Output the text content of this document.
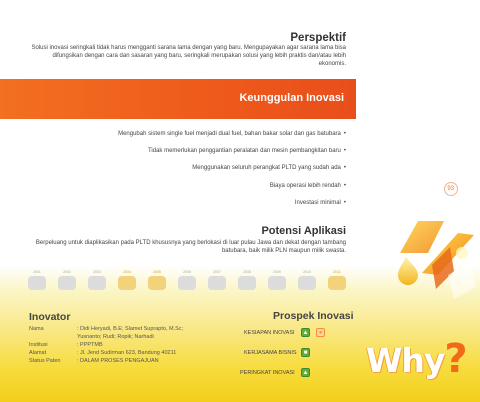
Perspektif
Solusi inovasi seringkali tidak harus mengganti sarana lama dengan yang baru. Mengupayakan agar sarana lama bisa difungsikan dengan cara dan sasaran yang baru, seringkali merupakan solusi yang lebih praktis dan/atau lebih ekonomis.
Keunggulan Inovasi
Mengubah sistem single fuel menjadi dual fuel, bahan bakar solar dan gas batubara •
Tidak memerlukan penggantian peralatan dan mesin pembangkitan baru •
Menggunakan seluruh perangkat PLTD yang sudah ada •
Biaya operasi lebih rendah •
Investasi minimal •
93
Potensi Aplikasi
Berpeluang untuk diaplikasikan pada PLTD khususnya yang berlokasi di luar pulau Jawa dan dekat dengan tambang batubara, baik milik PLN maupun milik swasta.
2001	2002	2003	2004	2005	2006	2007	2008	2009	2010	2011
Inovator
Nama	: Didi Heryadi, B.E; Slamet Suprapto, M.Sc;
Yusnanto; Rudi; Ropik; Narhadi
Institusi	: PPPTMB
Alamat	: Jl. Jend Sudirman 623, Bandung 40211
Status Paten	: DALAM PROSES PENGAJUAN
Prospek Inovasi
KESIAPAN INOVASI ▲ ●
KERJASAMA BISNIS ■
PERINGKAT INOVASI ▲ Why?
